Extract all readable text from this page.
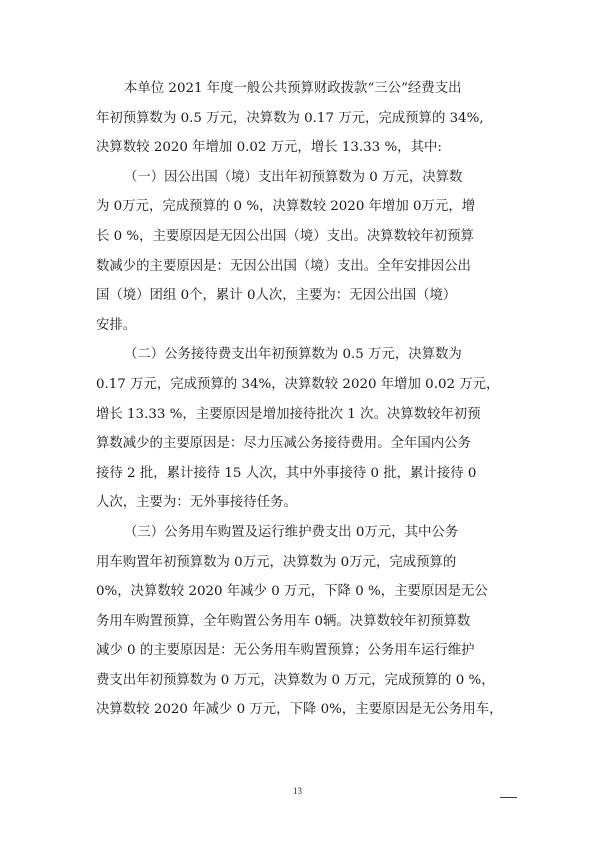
本单位 2021 年度一般公共预算财政拨款“三公”经费支出
年初预算数为 0.5 万元，决算数为 0.17 万元，完成预算的 34%,
决算数较 2020 年增加 0.02 万元，增长 13.33 %，其中:
（一）因公出国（境）支出年初预算数为 0 万元，决算数
为 0万元，完成预算的 0 %，决算数较 2020 年增加 0万元，增
长 0 %，主要原因是无因公出国（境）支出。决算数较年初预算
数减少的主要原因是：无因公出国（境）支出。全年安排因公出
国（境）团组 0个，累计 0人次，主要为：无因公出国（境）
安排。
（二）公务接待费支出年初预算数为 0.5 万元，决算数为
0.17 万元，完成预算的 34%，决算数较 2020 年增加 0.02 万元，
增长 13.33 %，主要原因是增加接待批次 1 次。决算数较年初预
算数减少的主要原因是：尽力压减公务接待费用。全年国内公务
接待 2 批，累计接待 15 人次，其中外事接待 0 批，累计接待 0
人次，主要为：无外事接待任务。
（三）公务用车购置及运行维护费支出 0万元，其中公务
用车购置年初预算数为 0万元，决算数为 0万元，完成预算的
0%，决算数较 2020 年减少 0 万元，下降 0 %，主要原因是无公
务用车购置预算，全年购置公务用车 0辆。决算数较年初预算数
减少 0 的主要原因是：无公务用车购置预算；公务用车运行维护
费支出年初预算数为 0 万元，决算数为 0 万元，完成预算的 0 %，
决算数较 2020 年减少 0 万元，下降 0%，主要原因是无公务用车，
13
